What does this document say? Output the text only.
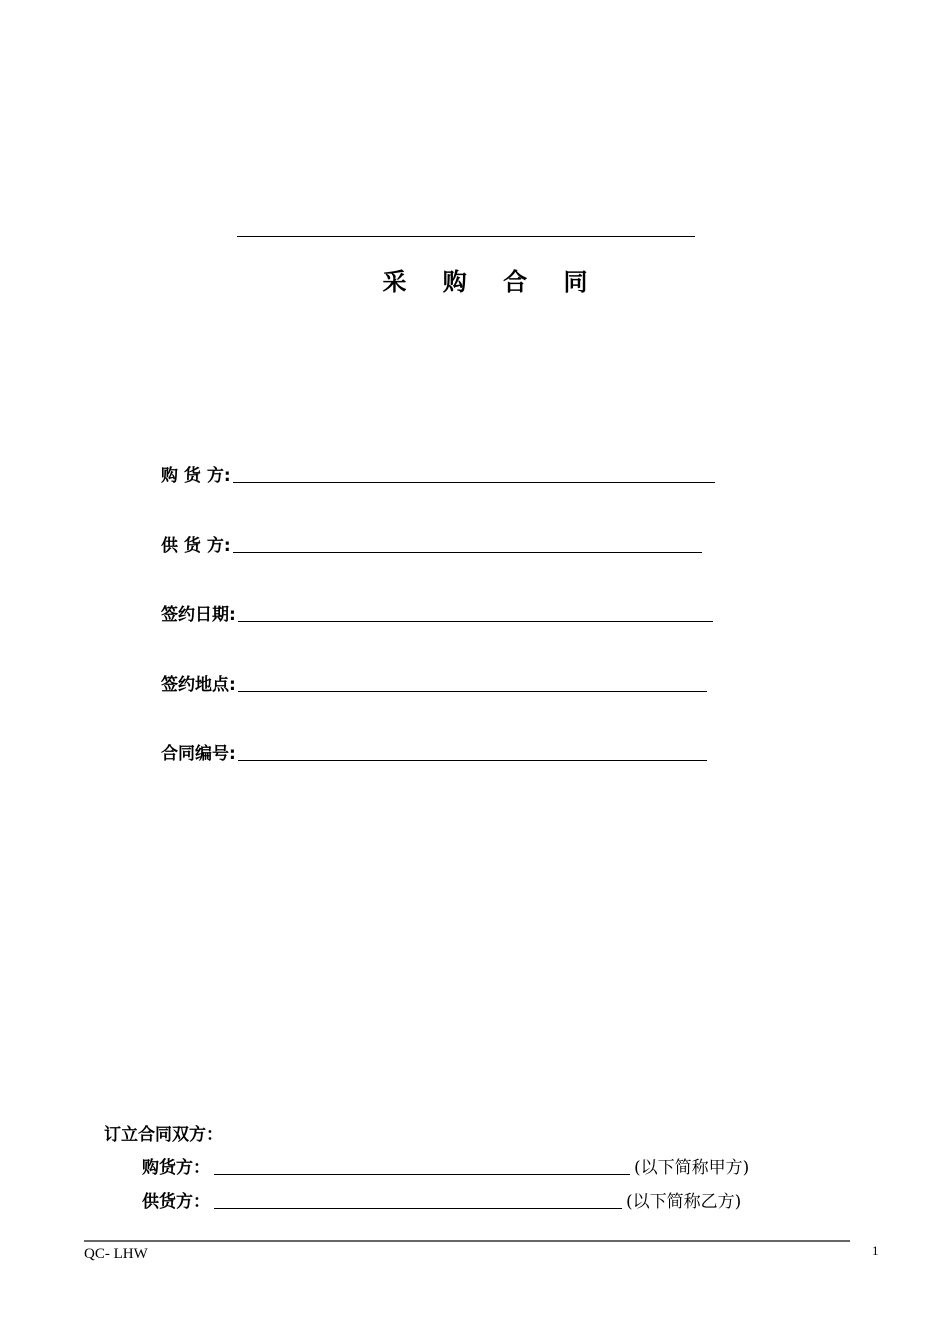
采 购 合 同
购 货 方:
供 货 方:
签约日期:
签约地点:
合同编号:
订立合同双方：
购货方：	(以下简称甲方)
供货方：	(以下简称乙方)
QC- LHW	1
